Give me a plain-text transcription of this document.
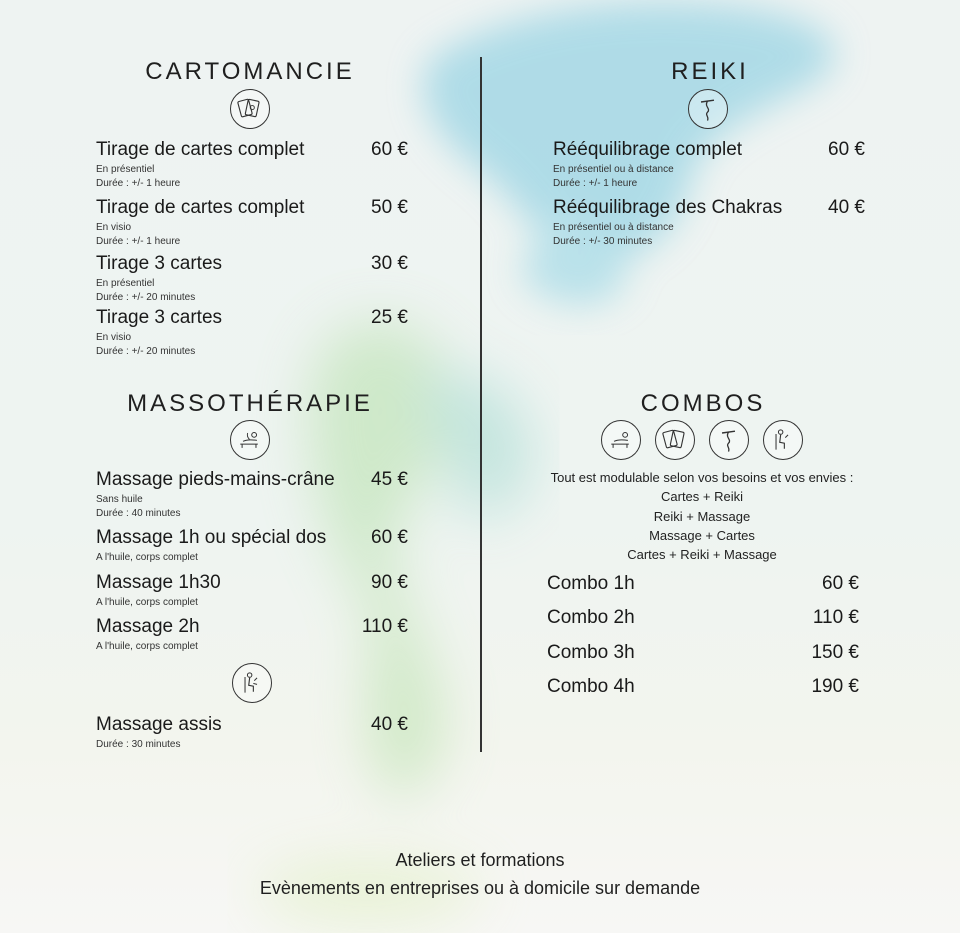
CARTOMANCIE
Tirage de cartes complet	60 €
En présentiel
Durée : +/- 1 heure
Tirage de cartes complet	50 €
En visio
Durée : +/- 1 heure
Tirage 3 cartes	30 €
En présentiel
Durée : +/- 20 minutes
Tirage 3 cartes	25 €
En visio
Durée : +/- 20 minutes
REIKI
Rééquilibrage complet	60 €
En présentiel ou à distance
Durée : +/- 1 heure
Rééquilibrage des Chakras 40 €
En présentiel ou à distance
Durée : +/- 30 minutes
MASSOTHÉRAPIE
Massage pieds-mains-crâne 45 €
Sans huile
Durée : 40 minutes
Massage 1h ou spécial dos 60 €
A l'huile, corps complet
Massage 1h30	90 €
A l'huile, corps complet
Massage 2h	110 €
A l'huile, corps complet
Massage assis	40 €
Durée : 30 minutes
COMBOS
Tout est modulable selon vos besoins et vos envies :
Cartes + Reiki
Reiki + Massage
Massage + Cartes
Cartes + Reiki + Massage
Combo 1h	60 €
Combo 2h	110 €
Combo 3h	150 €
Combo 4h	190 €
Ateliers et formations
Evènements en entreprises ou à domicile sur demande
